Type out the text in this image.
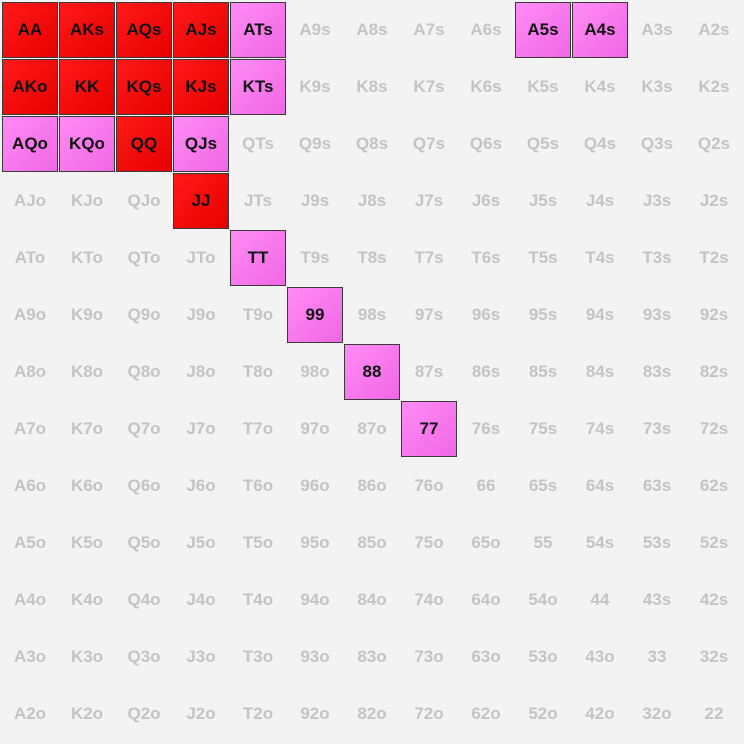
AA	AKs	AQs	AJs	ATs	A9s	A8s	A7s	A6s	A5s	A4s	A3s	A2s
AKo	KK	KQs	KJs	KTs	K9s	K8s	K7s	K6s	K5s	K4s	K3s	K2s
AQo	KQo	QQ	QJs	QTs	Q9s	Q8s	Q7s	Q6s	Q5s	Q4s	Q3s	Q2s
AJo	KJo	QJo	JJ	JTs	J9s	J8s	J7s	J6s	J5s	J4s	J3s	J2s
ATo	KTo	QTo	JTo	TT	T9s	T8s	T7s	T6s	T5s	T4s	T3s	T2s
A9o	K9o	Q9o	J9o	T9o	99	98s	97s	96s	95s	94s	93s	92s
A8o	K8o	Q8o	J8o	T8o	98o	88	87s	86s	85s	84s	83s	82s
A7o	K7o	Q7o	J7o	T7o	97o	87o	77	76s	75s	74s	73s	72s
A6o	K6o	Q6o	J6o	T6o	96o	86o	76o	66	65s	64s	63s	62s
A5o	K5o	Q5o	J5o	T5o	95o	85o	75o	65o	55	54s	53s	52s
A4o	K4o	Q4o	J4o	T4o	94o	84o	74o	64o	54o	44	43s	42s
A3o	K3o	Q3o	J3o	T3o	93o	83o	73o	63o	53o	43o	33	32s
A2o	K2o	Q2o	J2o	T2o	92o	82o	72o	62o	52o	42o	32o	22
